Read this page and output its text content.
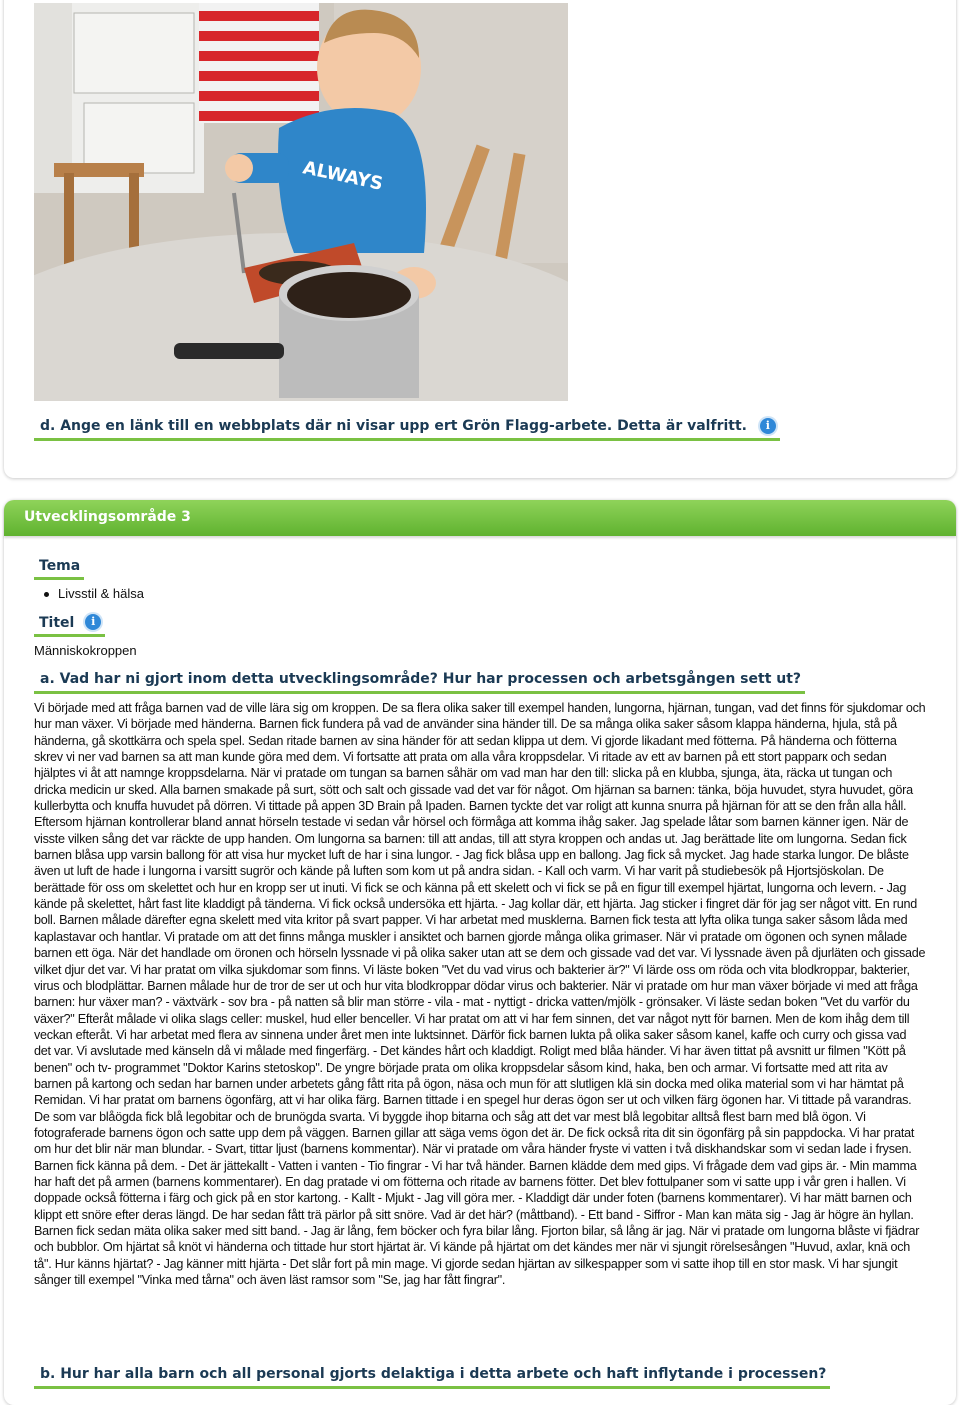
ALWAYS
d. Ange en länk till en webbplats där ni visar upp ert Grön Flagg-arbete. Detta är valfritt. i
Utvecklingsområde 3
Tema
Livsstil & hälsa
Titel i
Människokroppen
a. Vad har ni gjort inom detta utvecklingsområde? Hur har processen och arbetsgången sett ut?
Vi började med att fråga barnen vad de ville lära sig om kroppen. De sa flera olika saker till exempel handen, lungorna, hjärnan, tungan, vad det finns för sjukdomar och hur man växer. Vi började med händerna. Barnen fick fundera på vad de använder sina händer till. De sa många olika saker såsom klappa händerna, hjula, stå på händerna, gå skottkärra och spela spel. Sedan ritade barnen av sina händer för att sedan klippa ut dem. Vi gjorde likadant med fötterna. På händerna och fötterna skrev vi ner vad barnen sa att man kunde göra med dem. Vi fortsatte att prata om alla våra kroppsdelar. Vi ritade av ett av barnen på ett stort papparк och sedan hjälptes vi åt att namnge kroppsdelarna. När vi pratade om tungan sa barnen såhär om vad man har den till: slicka på en klubba, sjunga, äta, räcka ut tungan och dricka medicin ur sked. Alla barnen smakade på surt, sött och salt och gissade vad det var för något. Om hjärnan sa barnen: tänka, böja huvudet, styra huvudet, göra kullerbytta och knuffa huvudet på dörren. Vi tittade på appen 3D Brain på Ipaden. Barnen tyckte det var roligt att kunna snurra på hjärnan för att se den från alla håll. Eftersom hjärnan kontrollerar bland annat hörseln testade vi sedan vår hörsel och förmåga att komma ihåg saker. Jag spelade låtar som barnen känner igen. När de visste vilken sång det var räckte de upp handen. Om lungorna sa barnen: till att andas, till att styra kroppen och andas ut. Jag berättade lite om lungorna. Sedan fick barnen blåsa upp varsin ballong för att visa hur mycket luft de har i sina lungor. - Jag fick blåsa upp en ballong. Jag fick så mycket. Jag hade starka lungor. De blåste även ut luft de hade i lungorna i varsitt sugrör och kände på luften som kom ut på andra sidan. - Kall och varm. Vi har varit på studiebesök på Hjortsjöskolan. De berättade för oss om skelettet och hur en kropp ser ut inuti. Vi fick se och känna på ett skelett och vi fick se på en figur till exempel hjärtat, lungorna och levern. - Jag kände på skelettet, hårt fast lite kladdigt på tänderna. Vi fick också undersöka ett hjärta. - Jag kollar där, ett hjärta. Jag sticker i fingret där för jag ser något vitt. En rund boll. Barnen målade därefter egna skelett med vita kritor på svart papper. Vi har arbetat med musklerna. Barnen fick testa att lyfta olika tunga saker såsom låda med kaplastavar och hantlar. Vi pratade om att det finns många muskler i ansiktet och barnen gjorde många olika grimaser. När vi pratade om ögonen och synen målade barnen ett öga. När det handlade om öronen och hörseln lyssnade vi på olika saker utan att se dem och gissade vad det var. Vi lyssnade även på djurläten och gissade vilket djur det var. Vi har pratat om vilka sjukdomar som finns. Vi läste boken "Vet du vad virus och bakterier är?" Vi lärde oss om röda och vita blodkroppar, bakterier, virus och blodplättar. Barnen målade hur de tror de ser ut och hur vita blodkroppar dödar virus och bakterier. När vi pratade om hur man växer började vi med att fråga barnen: hur växer man? - växtvärk - sov bra - på natten så blir man större - vila - mat - nyttigt - dricka vatten/mjölk - grönsaker. Vi läste sedan boken "Vet du varför du växer?" Efteråt målade vi olika slags celler: muskel, hud eller benceller. Vi har pratat om att vi har fem sinnen, det var något nytt för barnen. Men de kom ihåg dem till veckan efteråt. Vi har arbetat med flera av sinnena under året men inte luktsinnet. Därför fick barnen lukta på olika saker såsom kanel, kaffe och curry och gissa vad det var. Vi avslutade med känseln då vi målade med fingerfärg. - Det kändes hårt och kladdigt. Roligt med blåa händer. Vi har även tittat på avsnitt ur filmen "Kött på benen" och tv- programmet "Doktor Karins stetoskop". De yngre började prata om olika kroppsdelar såsom kind, haka, ben och armar. Vi fortsatte med att rita av barnen på kartong och sedan har barnen under arbetets gång fått rita på ögon, näsa och mun för att slutligen klä sin docka med olika material som vi har hämtat på Remidan. Vi har pratat om barnens ögonfärg, att vi har olika färg. Barnen tittade i en spegel hur deras ögon ser ut och vilken färg ögonen har. Vi tittade på varandras. De som var blåögda fick blå legobitar och de brunögda svarta. Vi byggde ihop bitarna och såg att det var mest blå legobitar alltså flest barn med blå ögon. Vi fotograferade barnens ögon och satte upp dem på väggen. Barnen gillar att säga vems ögon det är. De fick också rita dit sin ögonfärg på sin pappdocka. Vi har pratat om hur det blir när man blundar. - Svart, tittar ljust (barnens kommentar). När vi pratade om våra händer fryste vi vatten i två diskhandskar som vi sedan lade i frysen. Barnen fick känna på dem. - Det är jättekallt - Vatten i vanten - Tio fingrar - Vi har två händer. Barnen klädde dem med gips. Vi frågade dem vad gips är. - Min mamma har haft det på armen (barnens kommentarer). En dag pratade vi om fötterna och ritade av barnens fötter. Det blev fottulpaner som vi satte upp i vår gren i hallen. Vi doppade också fötterna i färg och gick på en stor kartong. - Kallt - Mjukt - Jag vill göra mer. - Kladdigt där under foten (barnens kommentarer). Vi har mätt barnen och klippt ett snöre efter deras längd. De har sedan fått trä pärlor på sitt snöre. Vad är det här? (måttband). - Ett band - Siffror - Man kan mäta sig - Jag är högre än hyllan. Barnen fick sedan mäta olika saker med sitt band. - Jag är lång, fem böcker och fyra bilar lång. Fjorton bilar, så lång är jag. När vi pratade om lungorna blåste vi fjädrar och bubblor. Om hjärtat så knöt vi händerna och tittade hur stort hjärtat är. Vi kände på hjärtat om det kändes mer när vi sjungit rörelsesången "Huvud, axlar, knä och tå". Hur känns hjärtat? - Jag känner mitt hjärta - Det slår fort på min mage. Vi gjorde sedan hjärtan av silkespapper som vi satte ihop till en stor mask. Vi har sjungit sånger till exempel "Vinka med tårna" och även läst ramsor som "Se, jag har fått fingrar".
b. Hur har alla barn och all personal gjorts delaktiga i detta arbete och haft inflytande i processen?
